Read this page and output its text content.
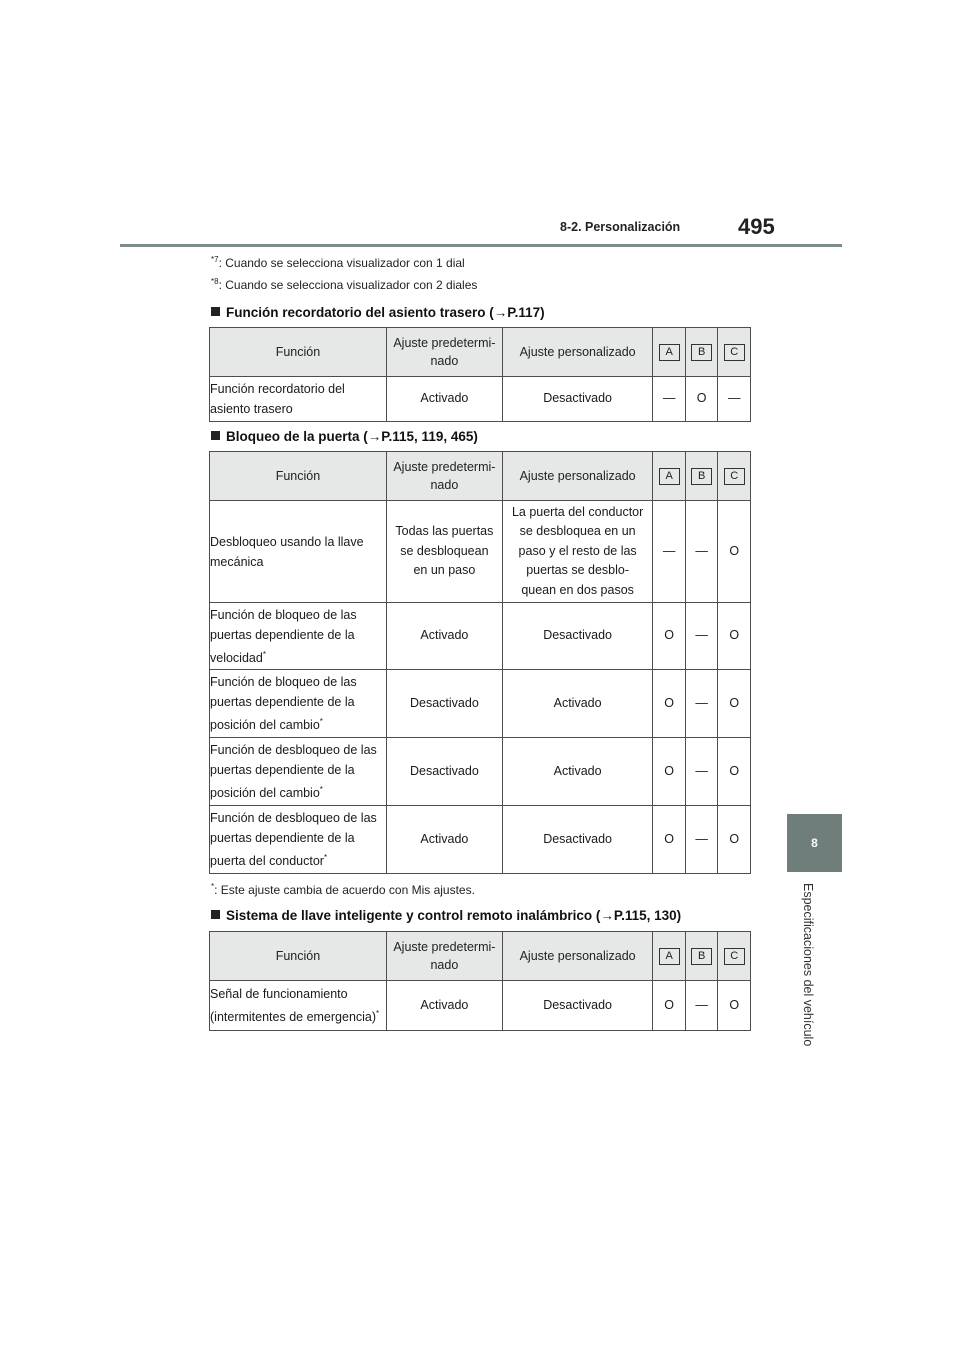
8-2. Personalización	495
8
Especificaciones del vehículo
$^{*7}$: Cuando se selecciona visualizador con 1 dial
$^{*8}$: Cuando se selecciona visualizador con 2 diales
Función recordatorio del asiento trasero (→P.117)
Función	Ajuste predetermi-
nado	Ajuste personalizado	A	B	C
Función recordatorio del
asiento trasero	Activado	Desactivado	—	O	—
Bloqueo de la puerta (→P.115, 119, 465)
Función	Ajuste predetermi-
nado	Ajuste personalizado	A	B	C
Desbloqueo usando la llave
mecánica	Todas las puertas
se desbloquean
en un paso	La puerta del conductor
se desbloquea en un
paso y el resto de las
puertas se desblo-
quean en dos pasos	—	—	O
Función de bloqueo de las
puertas dependiente de la
velocidad*	Activado	Desactivado	O	—	O
Función de bloqueo de las
puertas dependiente de la
posición del cambio*	Desactivado	Activado	O	—	O
Función de desbloqueo de las
puertas dependiente de la
posición del cambio*	Desactivado	Activado	O	—	O
Función de desbloqueo de las
puertas dependiente de la
puerta del conductor*	Activado	Desactivado	O	—	O
*: Este ajuste cambia de acuerdo con Mis ajustes.
Sistema de llave inteligente y control remoto inalámbrico (→P.115, 130)
Función	Ajuste predetermi-
nado	Ajuste personalizado	A	B	C
Señal de funcionamiento
(intermitentes de emergencia)*	Activado	Desactivado	O	—	O
